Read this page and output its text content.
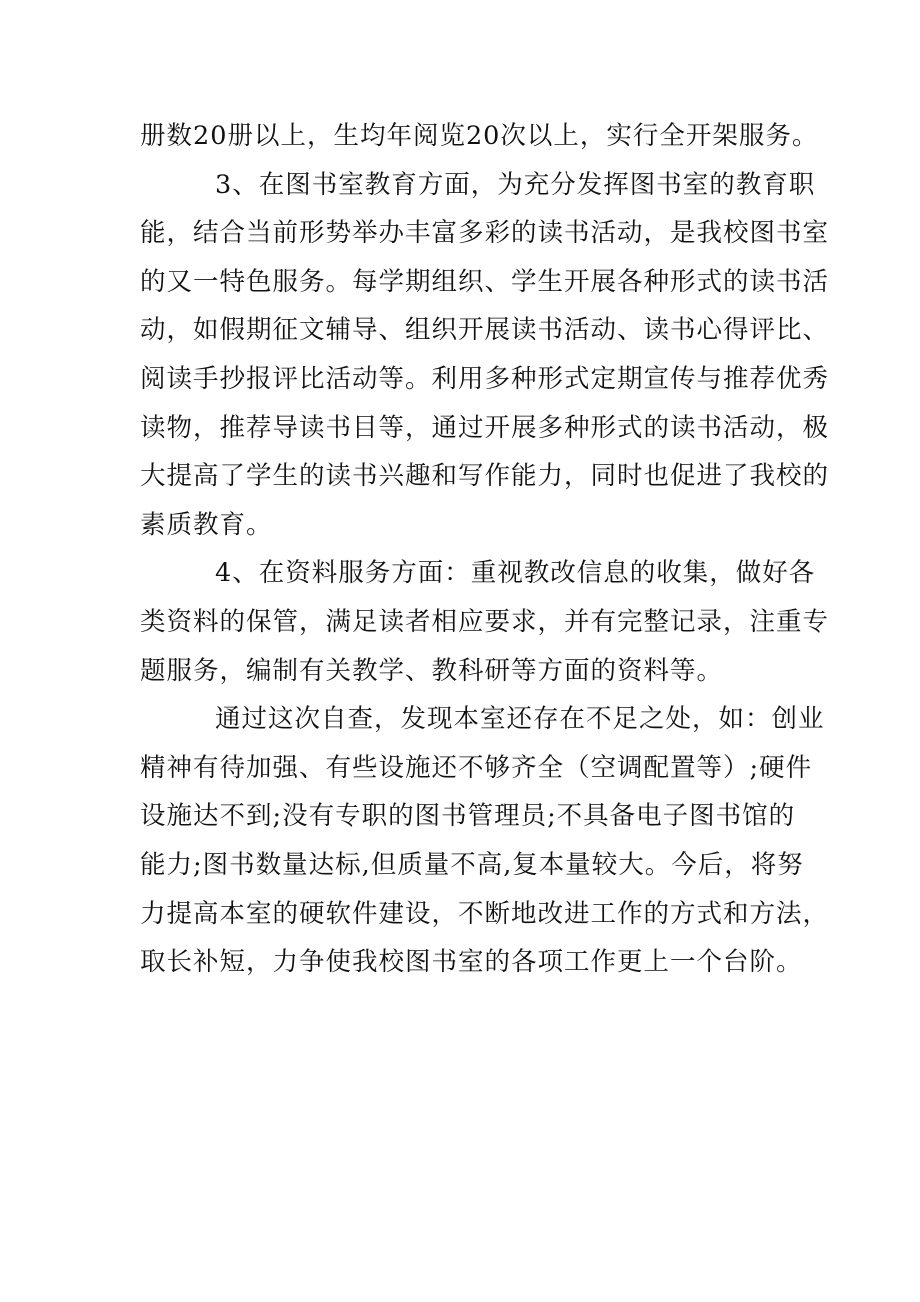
册数20册以上，生均年阅览20次以上，实行全开架服务。
3、在图书室教育方面，为充分发挥图书室的教育职
能，结合当前形势举办丰富多彩的读书活动，是我校图书室
的又一特色服务。每学期组织、学生开展各种形式的读书活
动，如假期征文辅导、组织开展读书活动、读书心得评比、
阅读手抄报评比活动等。利用多种形式定期宣传与推荐优秀
读物，推荐导读书目等，通过开展多种形式的读书活动，极
大提高了学生的读书兴趣和写作能力，同时也促进了我校的
素质教育。
4、在资料服务方面：重视教改信息的收集，做好各
类资料的保管，满足读者相应要求，并有完整记录，注重专
题服务，编制有关教学、教科研等方面的资料等。
通过这次自查，发现本室还存在不足之处，如：创业
精神有待加强、有些设施还不够齐全（空调配置等）;硬件
设施达不到;没有专职的图书管理员;不具备电子图书馆的
能力;图书数量达标,但质量不高,复本量较大。今后，将努
力提高本室的硬软件建设，不断地改进工作的方式和方法，
取长补短，力争使我校图书室的各项工作更上一个台阶。
